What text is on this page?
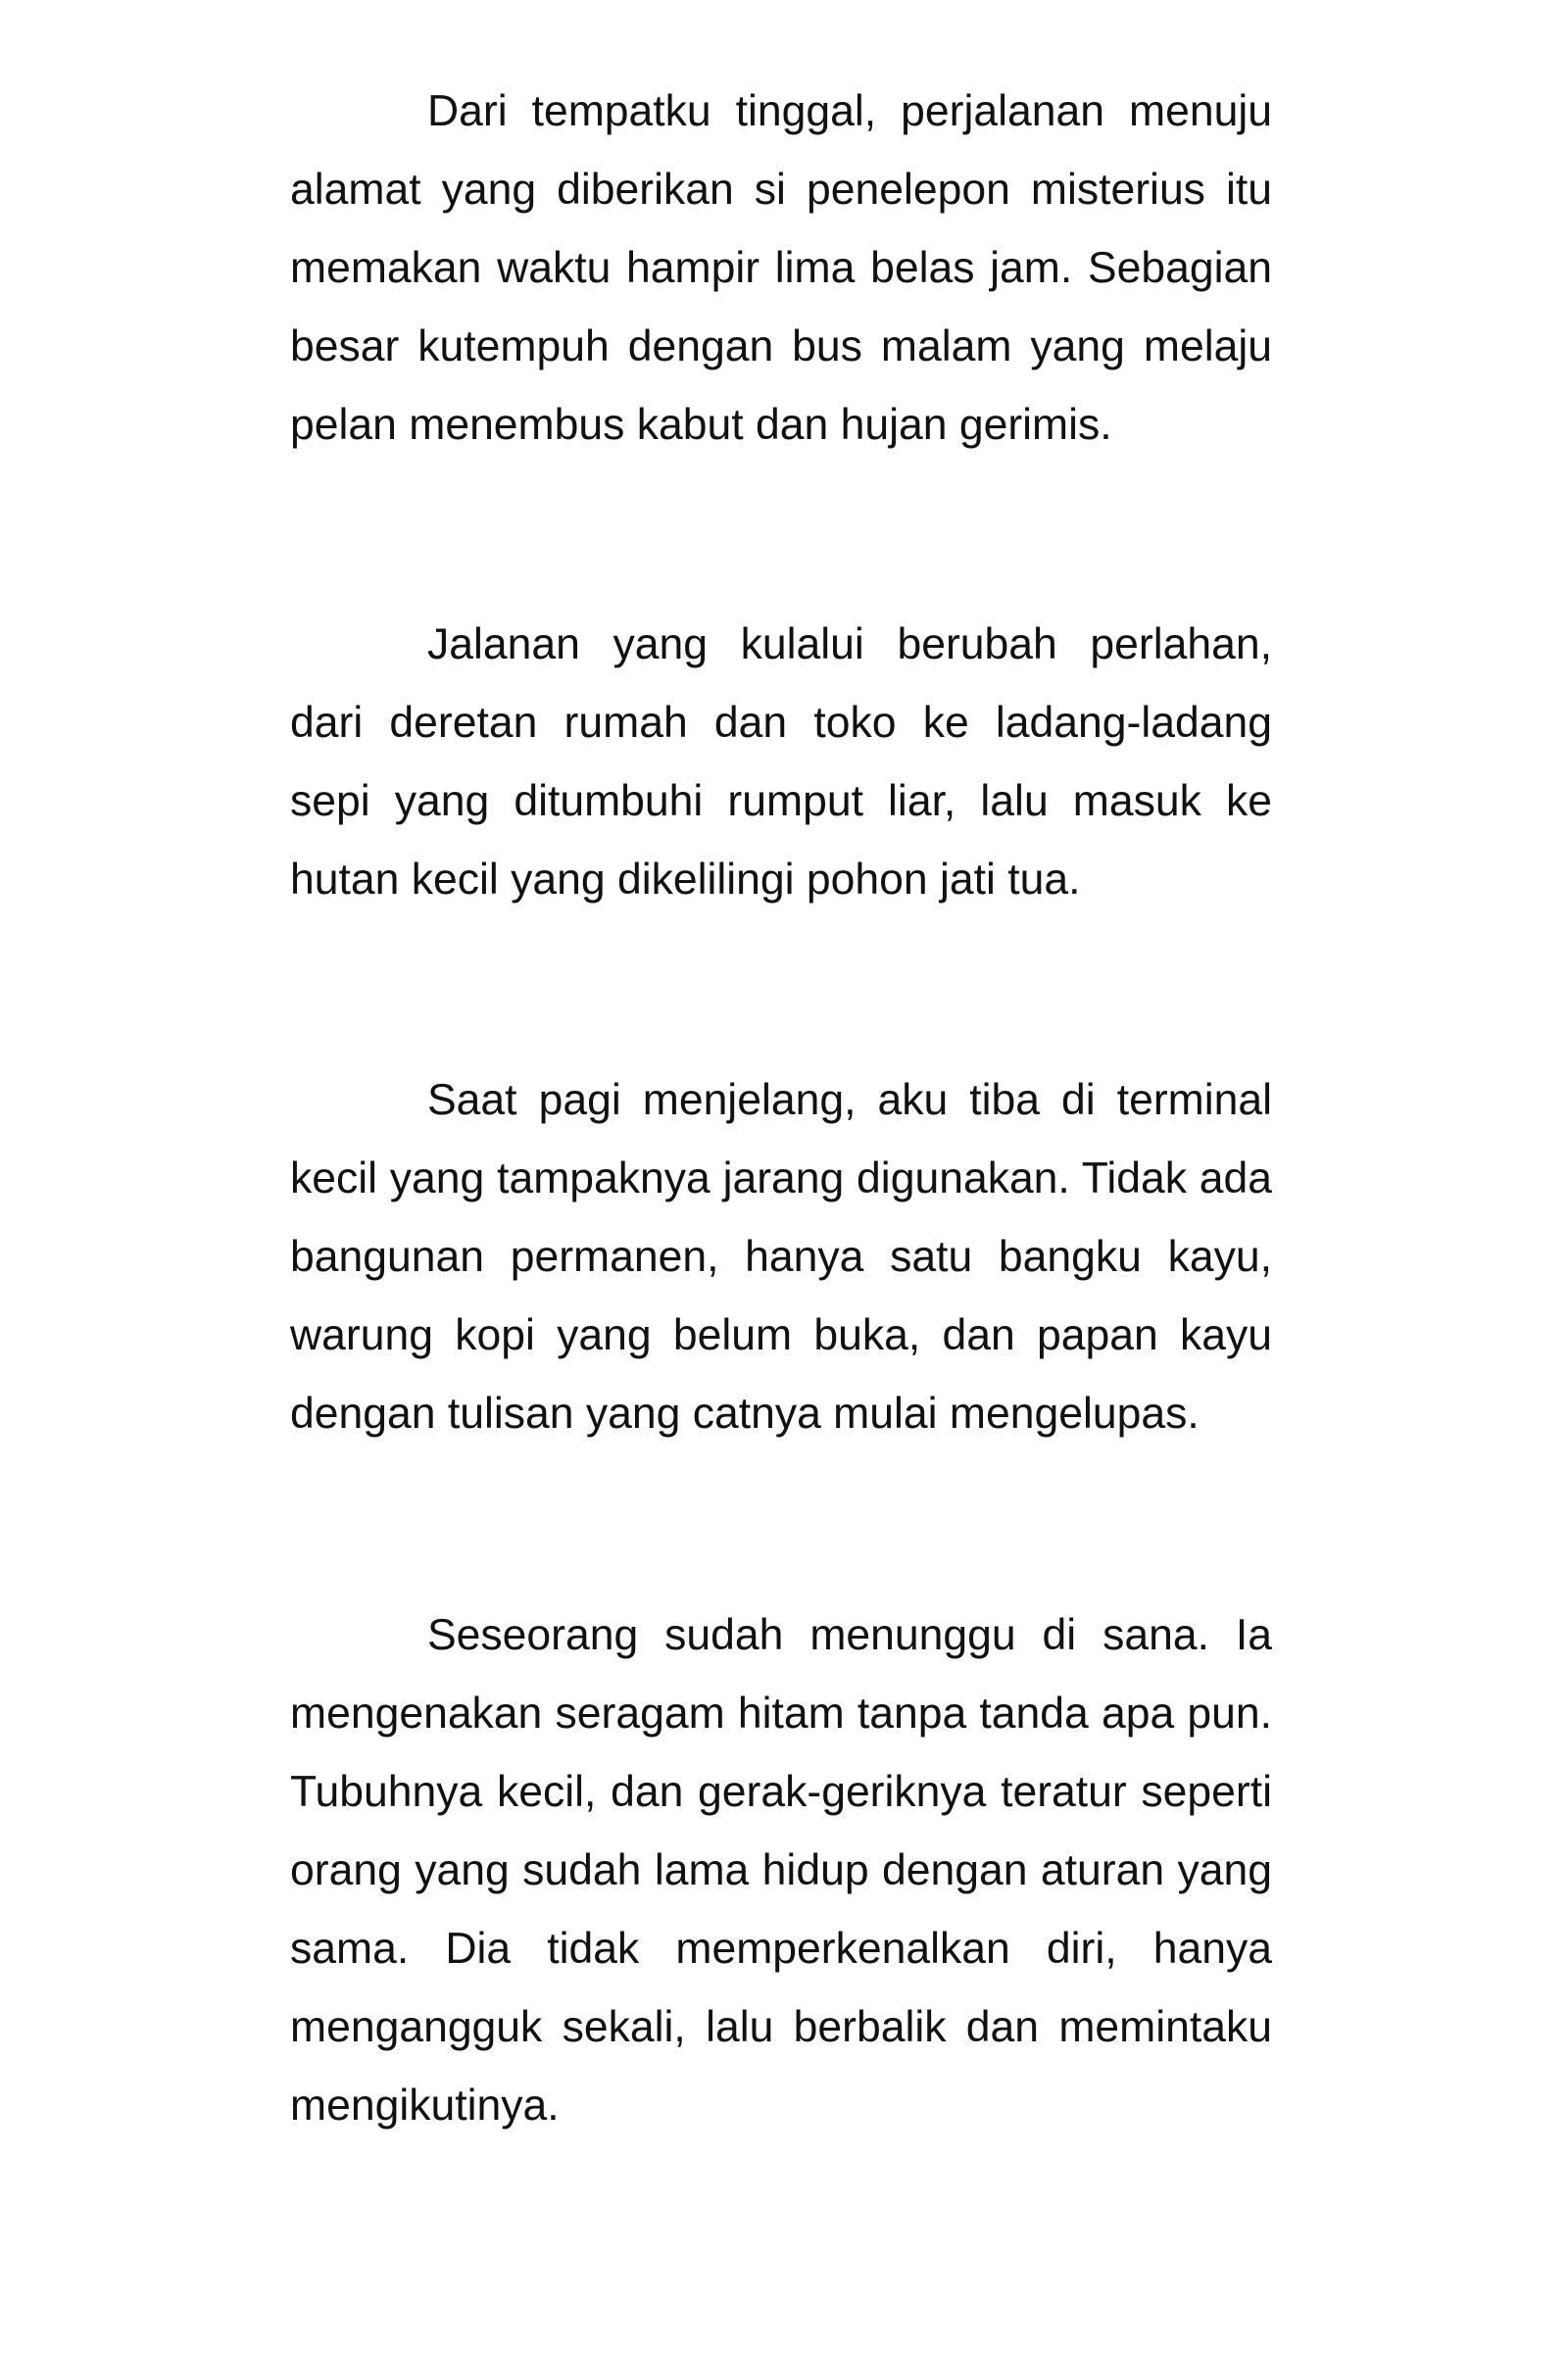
Dari tempatku tinggal, perjalanan menuju alamat yang diberikan si penelepon misterius itu memakan waktu hampir lima belas jam. Sebagian besar kutempuh dengan bus malam yang melaju pelan menembus kabut dan hujan gerimis.

Jalanan yang kulalui berubah perlahan, dari deretan rumah dan toko ke ladang-ladang sepi yang ditumbuhi rumput liar, lalu masuk ke hutan kecil yang dikelilingi pohon jati tua.

Saat pagi menjelang, aku tiba di terminal kecil yang tampaknya jarang digunakan. Tidak ada bangunan permanen, hanya satu bangku kayu, warung kopi yang belum buka, dan papan kayu dengan tulisan yang catnya mulai mengelupas.

Seseorang sudah menunggu di sana. Ia mengenakan seragam hitam tanpa tanda apa pun. Tubuhnya kecil, dan gerak-geriknya teratur seperti orang yang sudah lama hidup dengan aturan yang sama. Dia tidak memperkenalkan diri, hanya mengangguk sekali, lalu berbalik dan memintaku mengikutinya.
